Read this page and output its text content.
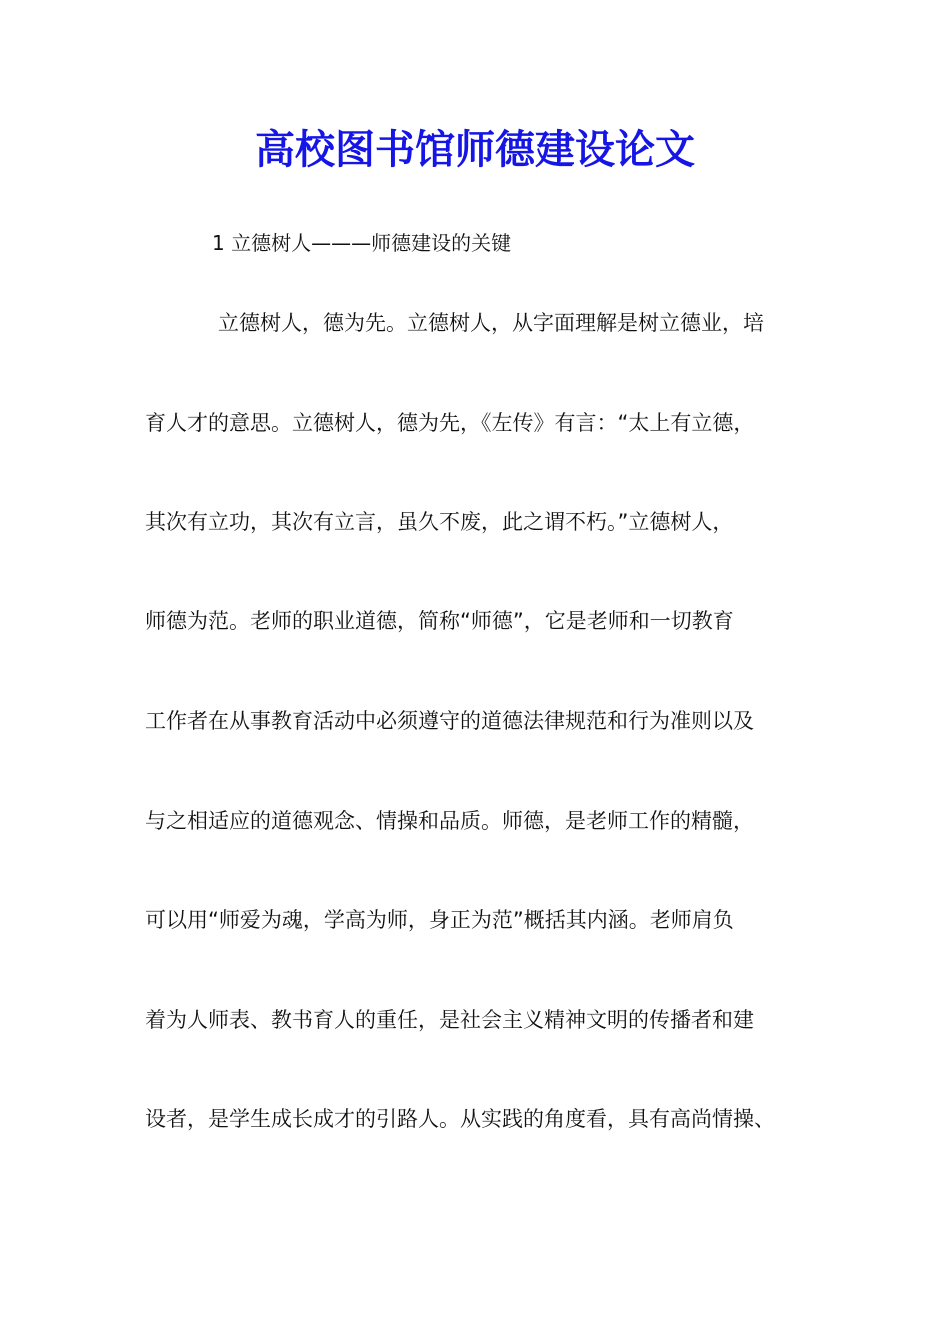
高校图书馆师德建设论文
1 立德树人———师德建设的关键
立德树人，德为先。立德树人，从字面理解是树立德业，培
育人才的意思。立德树人，德为先，《左传》有言：“太上有立德，
其次有立功，其次有立言，虽久不废，此之谓不朽。”立德树人，
师德为范。老师的职业道德，简称“师德”，它是老师和一切教育
工作者在从事教育活动中必须遵守的道德法律规范和行为准则以及
与之相适应的道德观念、情操和品质。师德，是老师工作的精髓，
可以用“师爱为魂，学高为师，身正为范”概括其内涵。老师肩负
着为人师表、教书育人的重任，是社会主义精神文明的传播者和建
设者，是学生成长成才的引路人。从实践的角度看，具有高尚情操、
